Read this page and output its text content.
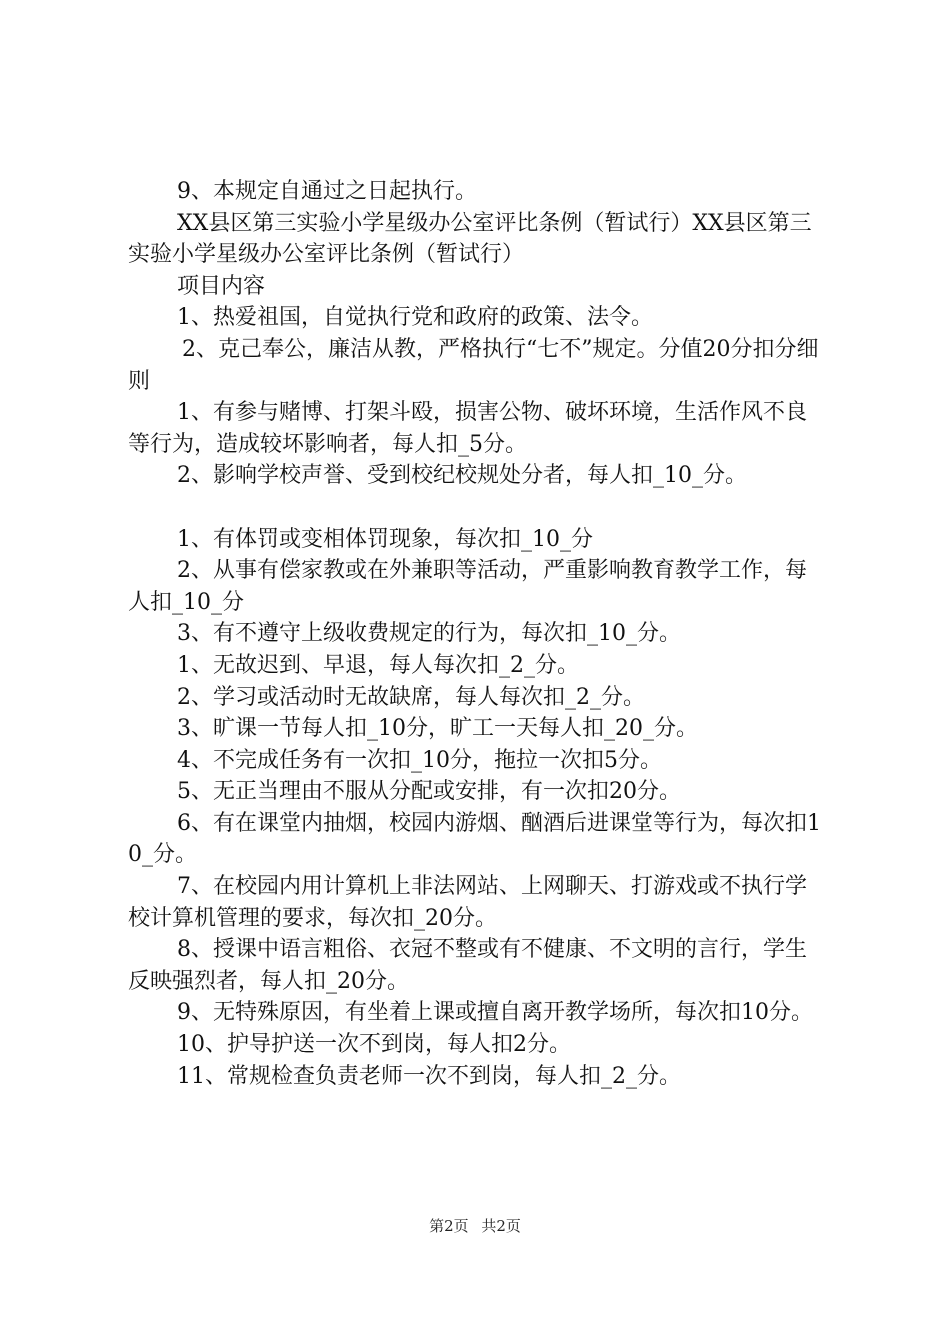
9、本规定自通过之日起执行。

XX县区第三实验小学星级办公室评比条例（暂试行）XX县区第三实验小学星级办公室评比条例（暂试行）

项目内容

1、热爱祖国，自觉执行党和政府的政策、法令。

2、克己奉公，廉洁从教，严格执行“七不”规定。分值20分扣分细则

1、有参与赌博、打架斗殴，损害公物、破坏环境，生活作风不良等行为，造成较坏影响者，每人扣_5分。

2、影响学校声誉、受到校纪校规处分者，每人扣_10_分。

1、有体罚或变相体罚现象，每次扣_10_分

2、从事有偿家教或在外兼职等活动，严重影响教育教学工作，每人扣_10_分

3、有不遵守上级收费规定的行为，每次扣_10_分。

1、无故迟到、早退，每人每次扣_2_分。

2、学习或活动时无故缺席，每人每次扣_2_分。

3、旷课一节每人扣_10分，旷工一天每人扣_20_分。

4、不完成任务有一次扣_10分，拖拉一次扣5分。

5、无正当理由不服从分配或安排，有一次扣20分。

6、有在课堂内抽烟，校园内游烟、酗酒后进课堂等行为，每次扣10_分。

7、在校园内用计算机上非法网站、上网聊天、打游戏或不执行学校计算机管理的要求，每次扣_20分。

8、授课中语言粗俗、衣冠不整或有不健康、不文明的言行，学生反映强烈者，每人扣_20分。

9、无特殊原因，有坐着上课或擅自离开教学场所，每次扣10分。

10、护导护送一次不到岗，每人扣2分。

11、常规检查负责老师一次不到岗，每人扣_2_分。

第2页 共2页
